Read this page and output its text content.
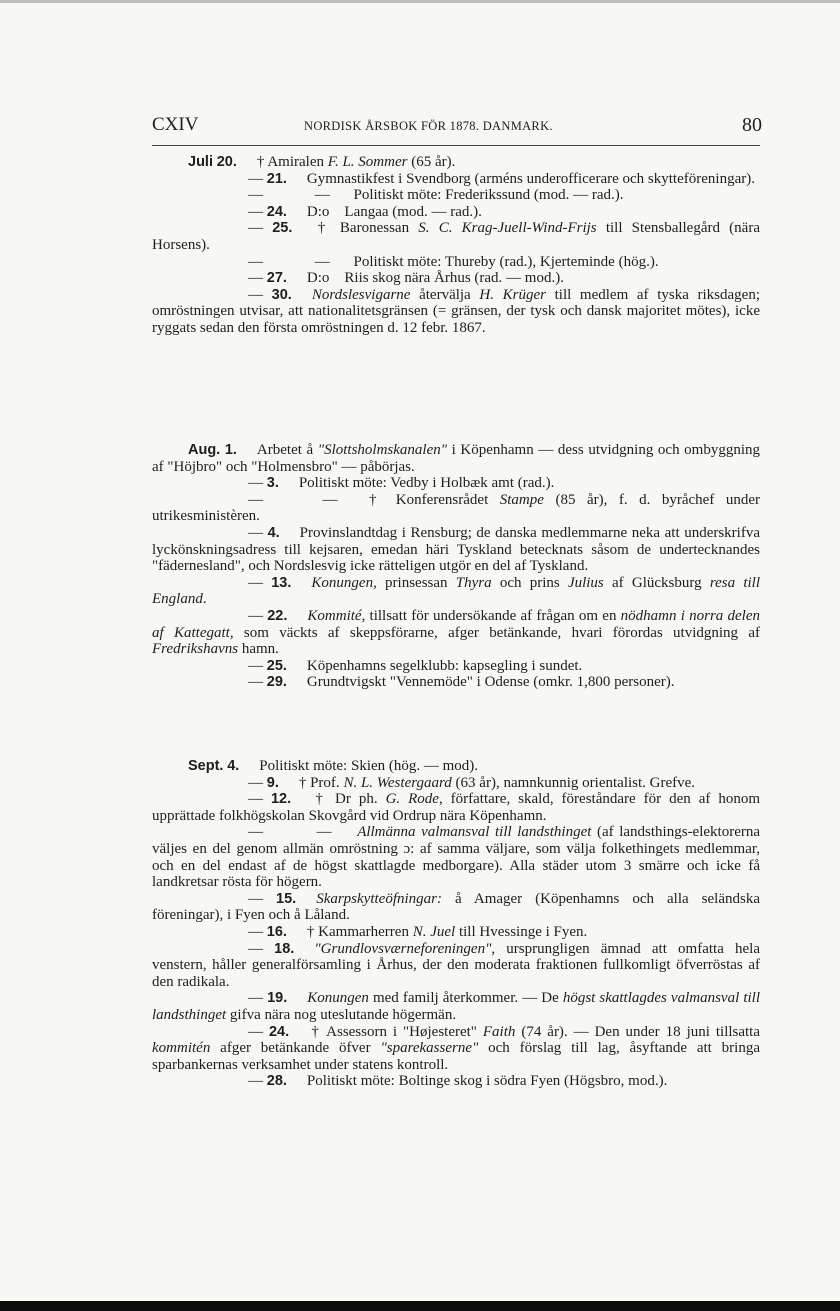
CXIV	NORDISK ÅRSBOK FÖR 1878. DANMARK.	80

Juli 20. † Amiralen F. L. Sommer (65 år).

— 21. Gymnastikfest i Svendborg (arméns underofficerare och skytteföreningar).

—	— Politiskt möte: Frederikssund (mod. — rad.).

— 24. D:o    Langaa (mod. — rad.).

— 25. † Baronessan S. C. Krag-Juell-Wind-Frijs till Stensballegård (nära Horsens).

—	— Politiskt möte: Thureby (rad.), Kjerteminde (hög.).

— 27. D:o    Riis skog nära Århus (rad. — mod.).

— 30. Nordslesvigarne återvälja H. Krüger till medlem af tyska riksdagen; omröstningen utvisar, att nationalitetsgränsen (= gränsen, der tysk och dansk majoritet mötes), icke ryggats sedan den första omröstningen d. 12 febr. 1867.

Aug. 1. Arbetet å "Slottsholmskanalen" i Köpenhamn — dess utvidgning och ombyggning af "Höjbro" och "Holmensbro" — påbörjas.

— 3. Politiskt möte: Vedby i Holbæk amt (rad.).

—	— † Konferensrådet Stampe (85 år), f. d. byråchef under utrikesministèren.

— 4. Provinslandtdag i Rensburg; de danska medlemmarne neka att underskrifva lyckönskningsadress till kejsaren, emedan häri Tyskland betecknats såsom de undertecknandes "fädernesland", och Nordslesvig icke rätteligen utgör en del af Tyskland.

— 13. Konungen, prinsessan Thyra och prins Julius af Glücksburg resa till England.

— 22. Kommité, tillsatt för undersökande af frågan om en nödhamn i norra delen af Kattegatt, som väckts af skeppsförarne, afger betänkande, hvari förordas utvidgning af Fredrikshavns hamn.

— 25. Köpenhamns segelklubb: kapsegling i sundet.

— 29. Grundtvigskt "Vennemöde" i Odense (omkr. 1,800 personer).

Sept. 4. Politiskt möte: Skien (hög. — mod).

— 9. † Prof. N. L. Westergaard (63 år), namnkunnig orientalist. Grefve.

— 12. † Dr ph. G. Rode, författare, skald, föreståndare för den af honom upprättade folkhögskolan Skovgård vid Ordrup nära Köpenhamn.

—	— Allmänna valmansval till landsthinget (af landsthings-elektorerna väljes en del genom allmän omröstning ɔ: af samma väljare, som välja folkethingets medlemmar, och en del endast af de högst skattlagde medborgare). Alla städer utom 3 smärre och icke få landkretsar rösta för högern.

— 15. Skarpskytteöfningar: å Amager (Köpenhamns och alla seländska föreningar), i Fyen och å Låland.

— 16. † Kammarherren N. Juel till Hvessinge i Fyen.

— 18. "Grundlovsværneforeningen", ursprungligen ämnad att omfatta hela venstern, håller generalförsamling i Århus, der den moderata fraktionen fullkomligt öfverröstas af den radikala.

— 19. Konungen med familj återkommer. — De högst skattlagdes valmansval till landsthinget gifva nära nog uteslutande högermän.

— 24. † Assessorn i "Højesteret" Faith (74 år). — Den under 18 juni tillsatta kommitén afger betänkande öfver "sparekasserne" och förslag till lag, åsyftande att bringa sparbankernas verksamhet under statens kontroll.

— 28. Politiskt möte: Boltinge skog i södra Fyen (Högsbro, mod.).
